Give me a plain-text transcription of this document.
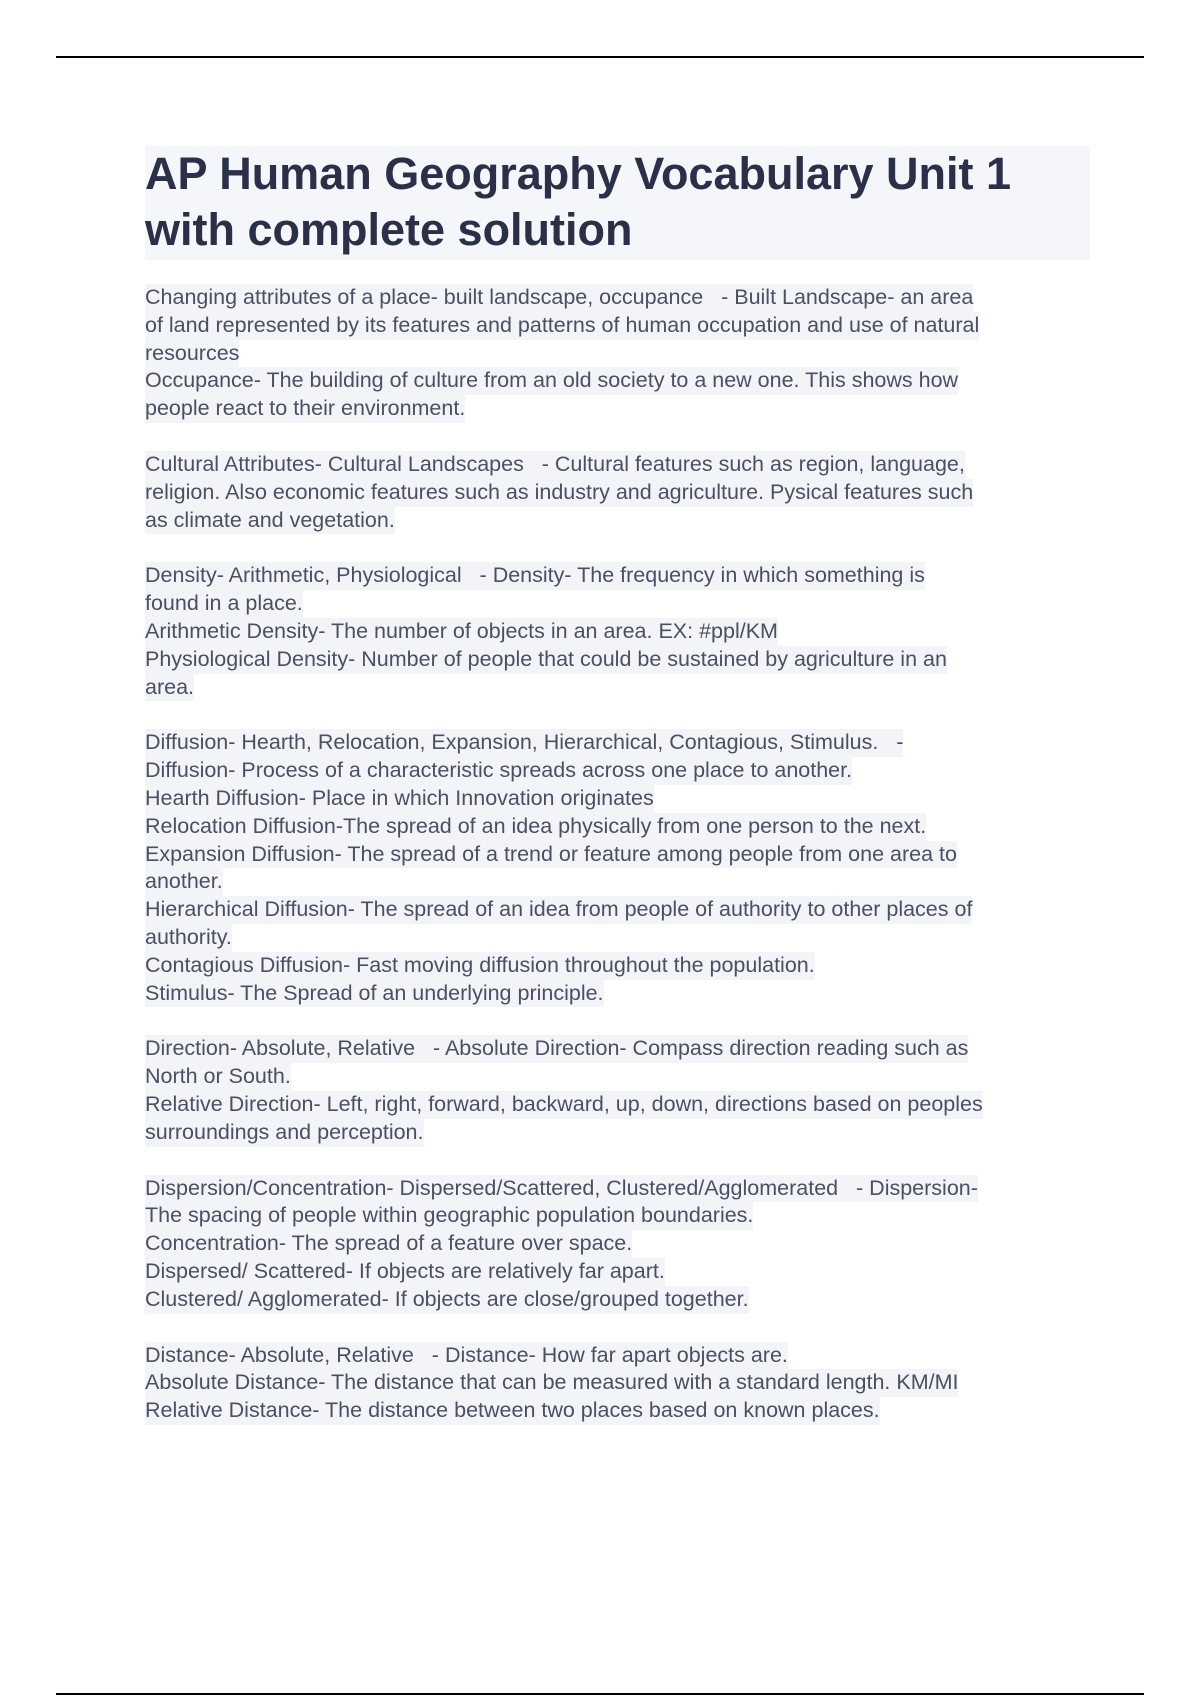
AP Human Geography Vocabulary Unit 1
with complete solution
Changing attributes of a place- built landscape, occupance   - Built Landscape- an area
of land represented by its features and patterns of human occupation and use of natural
resources
Occupance- The building of culture from an old society to a new one. This shows how
people react to their environment.
Cultural Attributes- Cultural Landscapes   - Cultural features such as region, language,
religion. Also economic features such as industry and agriculture. Pysical features such
as climate and vegetation.
Density- Arithmetic, Physiological   - Density- The frequency in which something is
found in a place.
Arithmetic Density- The number of objects in an area. EX: #ppl/KM
Physiological Density- Number of people that could be sustained by agriculture in an
area.
Diffusion- Hearth, Relocation, Expansion, Hierarchical, Contagious, Stimulus.   -
Diffusion- Process of a characteristic spreads across one place to another.
Hearth Diffusion- Place in which Innovation originates
Relocation Diffusion-The spread of an idea physically from one person to the next.
Expansion Diffusion- The spread of a trend or feature among people from one area to
another.
Hierarchical Diffusion- The spread of an idea from people of authority to other places of
authority.
Contagious Diffusion- Fast moving diffusion throughout the population.
Stimulus- The Spread of an underlying principle.
Direction- Absolute, Relative   - Absolute Direction- Compass direction reading such as
North or South.
Relative Direction- Left, right, forward, backward, up, down, directions based on peoples
surroundings and perception.
Dispersion/Concentration- Dispersed/Scattered, Clustered/Agglomerated   - Dispersion-
The spacing of people within geographic population boundaries.
Concentration- The spread of a feature over space.
Dispersed/ Scattered- If objects are relatively far apart.
Clustered/ Agglomerated- If objects are close/grouped together.
Distance- Absolute, Relative   - Distance- How far apart objects are.
Absolute Distance- The distance that can be measured with a standard length. KM/MI
Relative Distance- The distance between two places based on known places.
